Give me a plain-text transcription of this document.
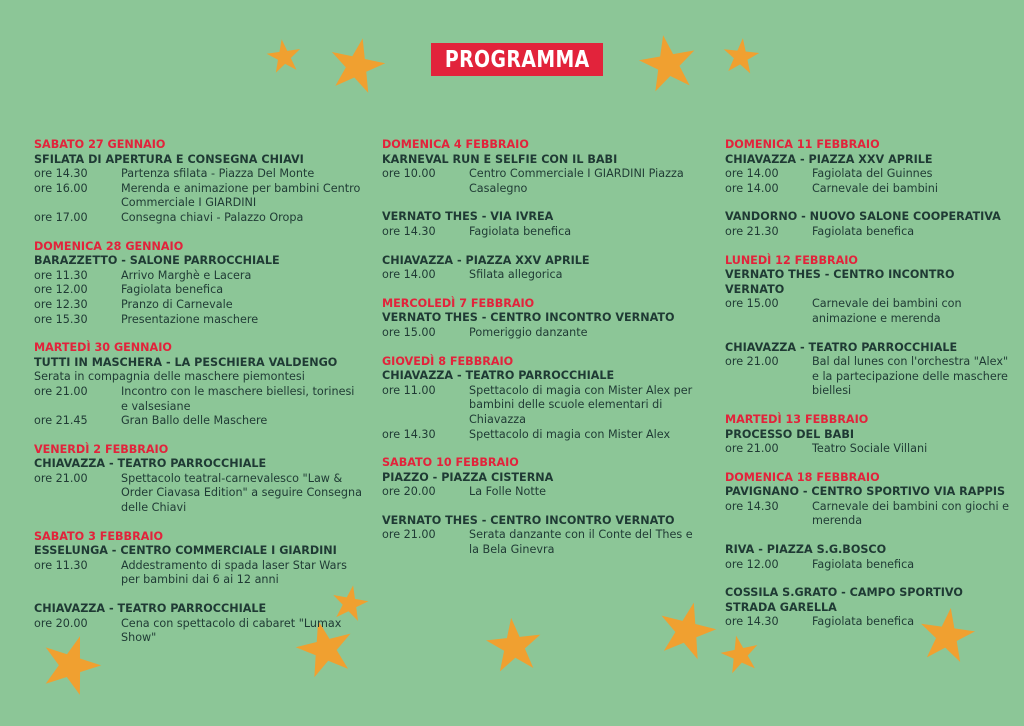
PROGRAMMA
SABATO 27 GENNAIO
SFILATA DI APERTURA E CONSEGNA CHIAVI
ore 14.30	Partenza sfilata - Piazza Del Monte
ore 16.00	Merenda e animazione per bambini Centro Commerciale I GIARDINI
ore 17.00	Consegna chiavi - Palazzo Oropa
DOMENICA 28 GENNAIO
BARAZZETTO - SALONE PARROCCHIALE
ore 11.30	Arrivo Marghè e Lacera
ore 12.00	Fagiolata benefica
ore 12.30	Pranzo di Carnevale
ore 15.30	Presentazione maschere
MARTEDÌ 30 GENNAIO
TUTTI IN MASCHERA - LA PESCHIERA VALDENGO
Serata in compagnia delle maschere piemontesi
ore 21.00	Incontro con le maschere biellesi, torinesi e valsesiane
ore 21.45	Gran Ballo delle Maschere
VENERDÌ 2 FEBBRAIO
CHIAVAZZA - TEATRO PARROCCHIALE
ore 21.00	Spettacolo teatral-carnevalesco "Law & Order Ciavasa Edition" a seguire Consegna delle Chiavi
SABATO 3 FEBBRAIO
ESSELUNGA - CENTRO COMMERCIALE I GIARDINI
ore 11.30	Addestramento di spada laser Star Wars per bambini dai 6 ai 12 anni
CHIAVAZZA - TEATRO PARROCCHIALE
ore 20.00	Cena con spettacolo di cabaret "Lumax Show"
DOMENICA 4 FEBBRAIO
KARNEVAL RUN E SELFIE CON IL BABI
ore 10.00	Centro Commerciale I GIARDINI Piazza Casalegno
VERNATO THES - VIA IVREA
ore 14.30	Fagiolata benefica
CHIAVAZZA - PIAZZA XXV APRILE
ore 14.00	Sfilata allegorica
MERCOLEDÌ 7 FEBBRAIO
VERNATO THES - CENTRO INCONTRO VERNATO
ore 15.00	Pomeriggio danzante
GIOVEDÌ 8 FEBBRAIO
CHIAVAZZA - TEATRO PARROCCHIALE
ore 11.00	Spettacolo di magia con Mister Alex per bambini delle scuole elementari di Chiavazza
ore 14.30	Spettacolo di magia con Mister Alex
SABATO 10 FEBBRAIO
PIAZZO - PIAZZA CISTERNA
ore 20.00	La Folle Notte
VERNATO THES - CENTRO INCONTRO VERNATO
ore 21.00	Serata danzante con il Conte del Thes e la Bela Ginevra
DOMENICA 11 FEBBRAIO
CHIAVAZZA - PIAZZA XXV APRILE
ore 14.00	Fagiolata del Guinnes
ore 14.00	Carnevale dei bambini
VANDORNO - NUOVO SALONE COOPERATIVA
ore 21.30	Fagiolata benefica
LUNEDÌ 12 FEBBRAIO
VERNATO THES - CENTRO INCONTRO VERNATO
ore 15.00	Carnevale dei bambini con animazione e merenda
CHIAVAZZA - TEATRO PARROCCHIALE
ore 21.00	Bal dal lunes con l'orchestra "Alex" e la partecipazione delle maschere biellesi
MARTEDÌ 13 FEBBRAIO
PROCESSO DEL BABI
ore 21.00	Teatro Sociale Villani
DOMENICA 18 FEBBRAIO
PAVIGNANO - CENTRO SPORTIVO VIA RAPPIS
ore 14.30	Carnevale dei bambini con giochi e merenda
RIVA - PIAZZA S.G.BOSCO
ore 12.00	Fagiolata benefica
COSSILA S.GRATO - CAMPO SPORTIVO STRADA GARELLA
ore 14.30	Fagiolata benefica
